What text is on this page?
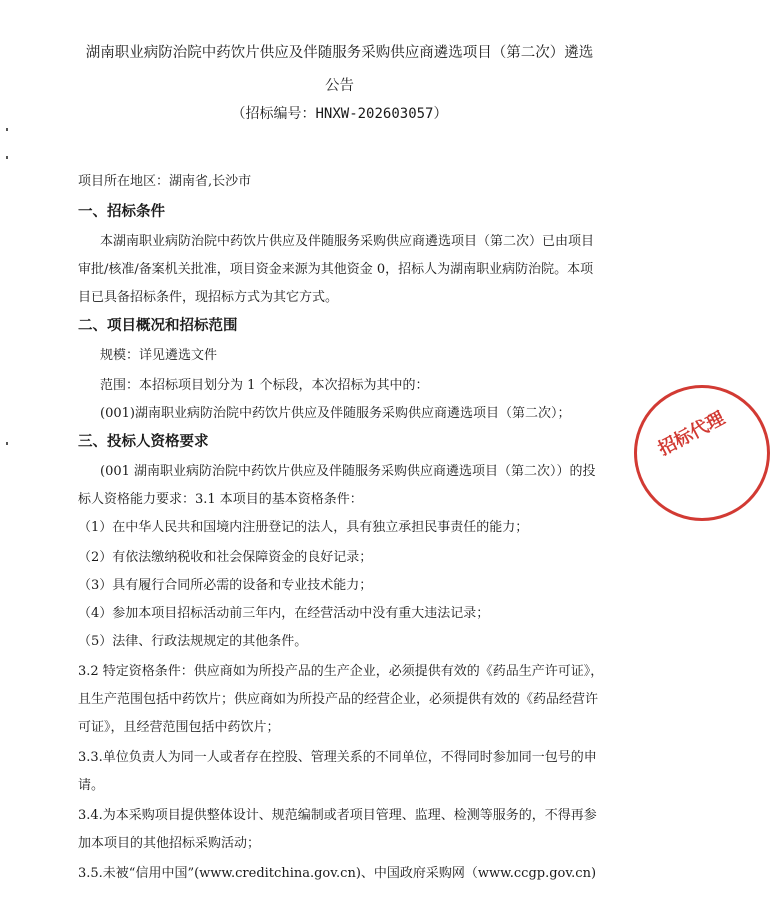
湖南职业病防治院中药饮片供应及伴随服务采购供应商遴选项目（第二次）遴选
公告
（招标编号：HNXW-202603057）
项目所在地区：湖南省,长沙市
一、招标条件
本湖南职业病防治院中药饮片供应及伴随服务采购供应商遴选项目（第二次）已由项目
审批/核准/备案机关批准，项目资金来源为其他资金 0，招标人为湖南职业病防治院。本项
目已具备招标条件，现招标方式为其它方式。
二、项目概况和招标范围
规模：详见遴选文件
范围：本招标项目划分为 1 个标段，本次招标为其中的：
(001)湖南职业病防治院中药饮片供应及伴随服务采购供应商遴选项目（第二次）；
三、投标人资格要求
(001 湖南职业病防治院中药饮片供应及伴随服务采购供应商遴选项目（第二次））的投
标人资格能力要求：3.1 本项目的基本资格条件：
（1）在中华人民共和国境内注册登记的法人，具有独立承担民事责任的能力；
（2）有依法缴纳税收和社会保障资金的良好记录；
（3）具有履行合同所必需的设备和专业技术能力；
（4）参加本项目招标活动前三年内，在经营活动中没有重大违法记录；
（5）法律、行政法规规定的其他条件。
3.2 特定资格条件：供应商如为所投产品的生产企业，必须提供有效的《药品生产许可证》，
且生产范围包括中药饮片；供应商如为所投产品的经营企业，必须提供有效的《药品经营许
可证》，且经营范围包括中药饮片；
3.3.单位负责人为同一人或者存在控股、管理关系的不同单位，不得同时参加同一包号的申
请。
3.4.为本采购项目提供整体设计、规范编制或者项目管理、监理、检测等服务的，不得再参
加本项目的其他招标采购活动；
3.5.未被“信用中国”(www.creditchina.gov.cn)、中国政府采购网（www.ccgp.gov.cn)
招标代理
